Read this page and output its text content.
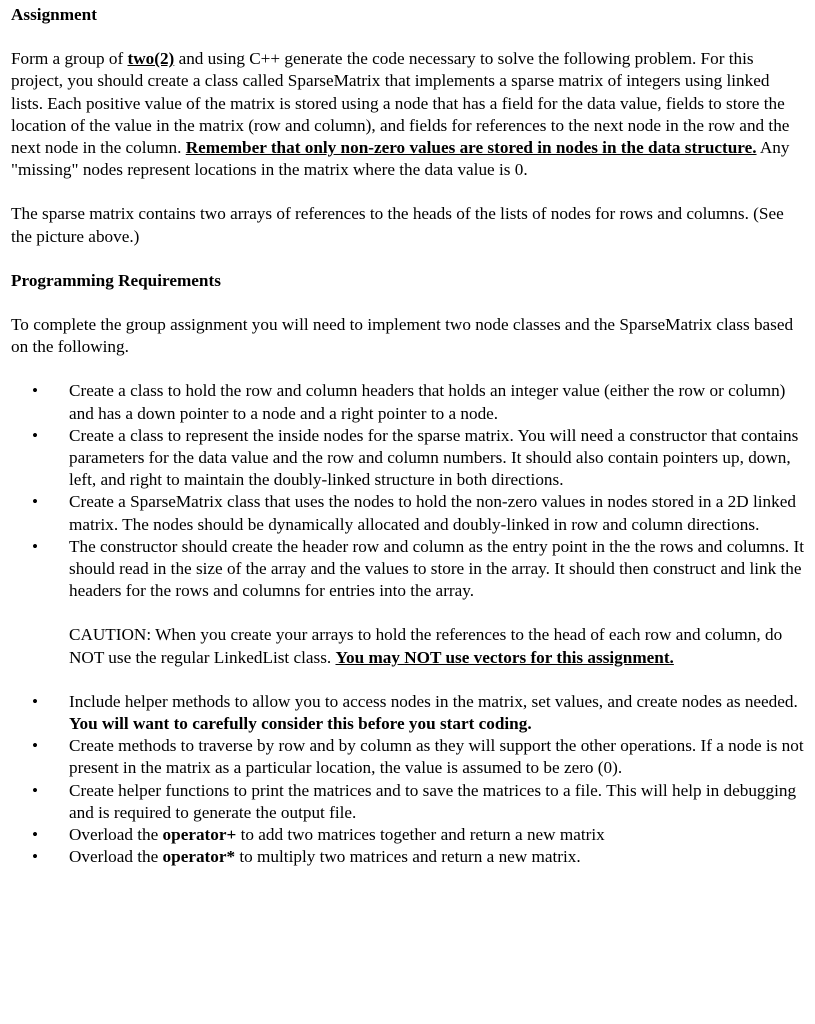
Assignment

Form a group of two(2) and using C++ generate the code necessary to solve the following problem. For this project, you should create a class called SparseMatrix that implements a sparse matrix of integers using linked lists. Each positive value of the matrix is stored using a node that has a field for the data value, fields to store the location of the value in the matrix (row and column), and fields for references to the next node in the row and the next node in the column. Remember that only non-zero values are stored in nodes in the data structure. Any "missing" nodes represent locations in the matrix where the data value is 0.

The sparse matrix contains two arrays of references to the heads of the lists of nodes for rows and columns. (See the picture above.)

Programming Requirements

To complete the group assignment you will need to implement two node classes and the SparseMatrix class based on the following.

• Create a class to hold the row and column headers that holds an integer value (either the row or column) and has a down pointer to a node and a right pointer to a node.
• Create a class to represent the inside nodes for the sparse matrix. You will need a constructor that contains parameters for the data value and the row and column numbers. It should also contain pointers up, down, left, and right to maintain the doubly-linked structure in both directions.
• Create a SparseMatrix class that uses the nodes to hold the non-zero values in nodes stored in a 2D linked matrix. The nodes should be dynamically allocated and doubly-linked in row and column directions.
• The constructor should create the header row and column as the entry point in the the rows and columns. It should read in the size of the array and the values to store in the array. It should then construct and link the headers for the rows and columns for entries into the array.

CAUTION: When you create your arrays to hold the references to the head of each row and column, do NOT use the regular LinkedList class. You may NOT use vectors for this assignment.

• Include helper methods to allow you to access nodes in the matrix, set values, and create nodes as needed. You will want to carefully consider this before you start coding.
• Create methods to traverse by row and by column as they will support the other operations. If a node is not present in the matrix as a particular location, the value is assumed to be zero (0).
• Create helper functions to print the matrices and to save the matrices to a file. This will help in debugging and is required to generate the output file.
• Overload the operator+ to add two matrices together and return a new matrix
• Overload the operator* to multiply two matrices and return a new matrix.
